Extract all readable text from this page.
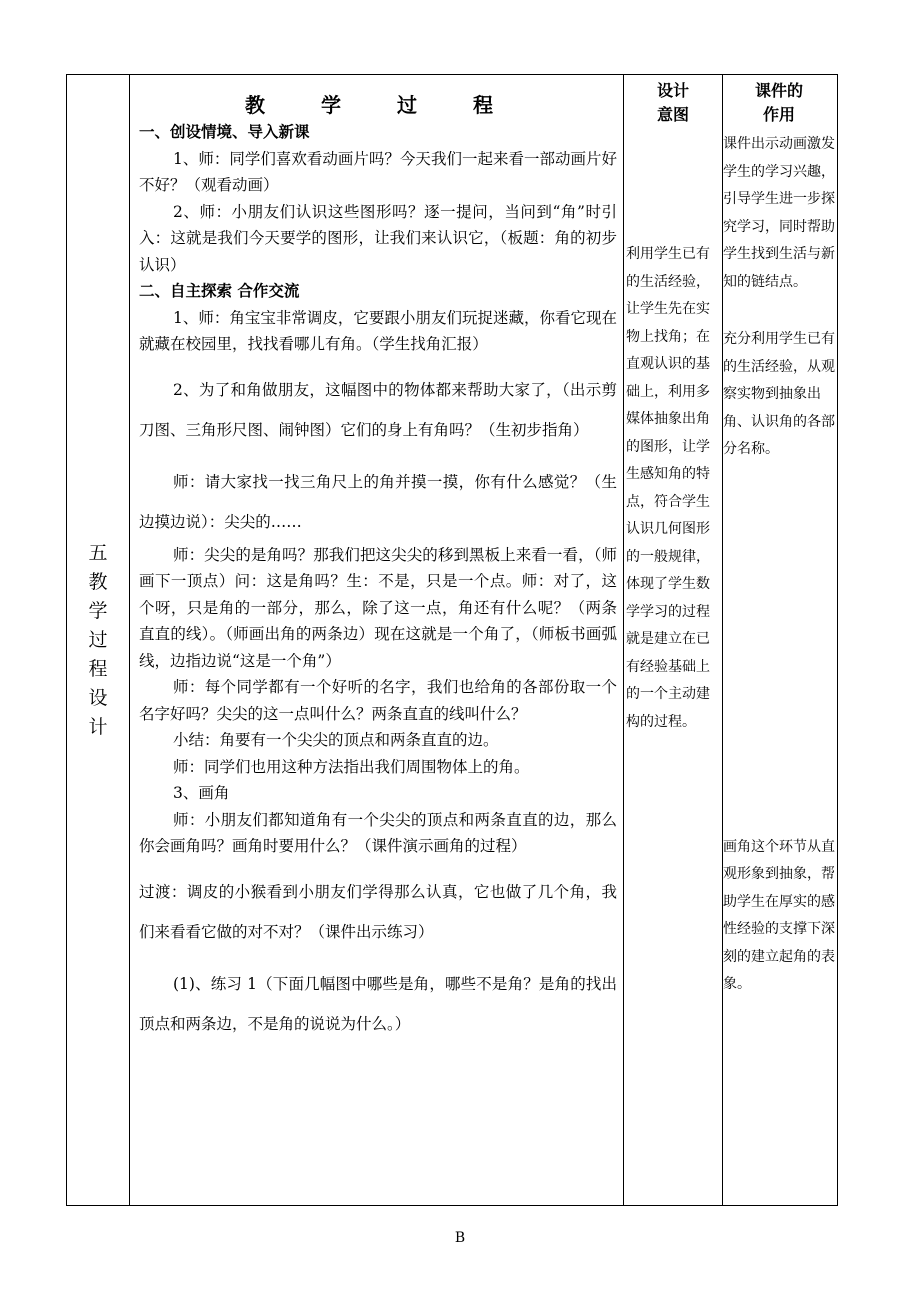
五教学过程设计
教　学　过　程

一、创设情境、导入新课

1、师：同学们喜欢看动画片吗？今天我们一起来看一部动画片好不好？（观看动画）

2、师：小朋友们认识这些图形吗？逐一提问，当问到“角”时引入：这就是我们今天要学的图形，让我们来认识它，（板题：角的初步认识）

二、自主探索 合作交流

1、师：角宝宝非常调皮，它要跟小朋友们玩捉迷藏，你看它现在就藏在校园里，找找看哪儿有角。（学生找角汇报）

2、为了和角做朋友，这幅图中的物体都来帮助大家了，（出示剪刀图、三角形尺图、闹钟图）它们的身上有角吗？（生初步指角）

师：请大家找一找三角尺上的角并摸一摸，你有什么感觉？（生边摸边说）：尖尖的……

师：尖尖的是角吗？那我们把这尖尖的移到黑板上来看一看，（师画下一顶点）问：这是角吗？生：不是，只是一个点。师：对了，这个呀，只是角的一部分，那么，除了这一点，角还有什么呢？（两条直直的线）。（师画出角的两条边）现在这就是一个角了，（师板书画弧线，边指边说“这是一个角”）

师：每个同学都有一个好听的名字，我们也给角的各部份取一个名字好吗？尖尖的这一点叫什么？两条直直的线叫什么？

小结：角要有一个尖尖的顶点和两条直直的边。

师：同学们也用这种方法指出我们周围物体上的角。

3、画角

师：小朋友们都知道角有一个尖尖的顶点和两条直直的边，那么你会画角吗？画角时要用什么？（课件演示画角的过程）

过渡：调皮的小猴看到小朋友们学得那么认真，它也做了几个角，我们来看看它做的对不对？（课件出示练习）

(1)、练习 1（下面几幅图中哪些是角，哪些不是角？是角的找出顶点和两条边，不是角的说说为什么。）

设计
意图
利用学生已有的生活经验，让学生先在实物上找角；在直观认识的基础上，利用多媒体抽象出角的图形，让学生感知角的特点，符合学生认识几何图形的一般规律，体现了学生数学学习的过程就是建立在已有经验基础上的一个主动建构的过程。
课件的
作用
课件出示动画激发学生的学习兴趣，引导学生进一步探究学习，同时帮助学生找到生活与新知的链结点。
充分利用学生已有的生活经验，从观察实物到抽象出角、认识角的各部分名称。
画角这个环节从直观形象到抽象，帮助学生在厚实的感性经验的支撑下深刻的建立起角的表象。
B
